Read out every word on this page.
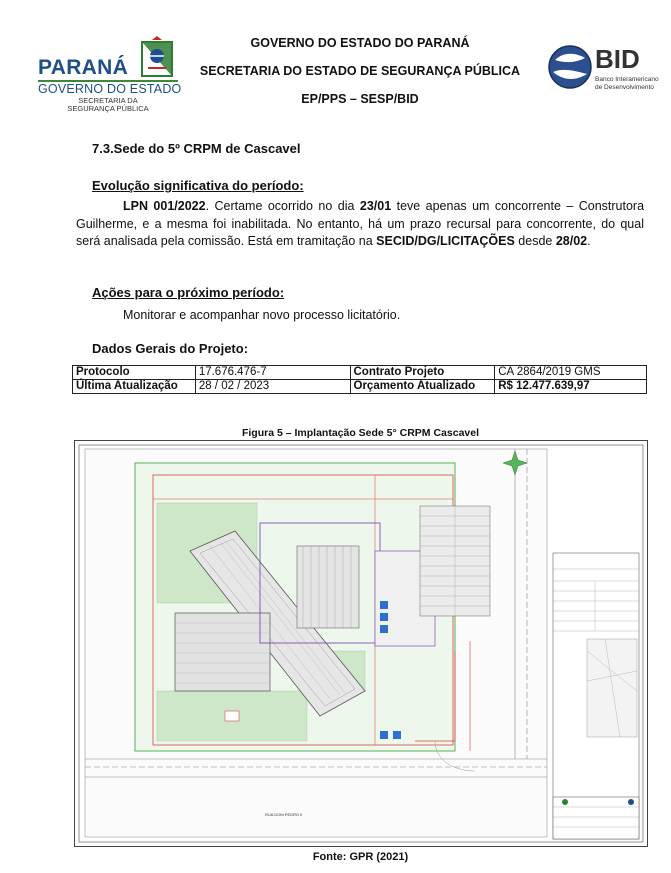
PARANÁ
GOVERNO DO ESTADO
SECRETARIA DA
SEGURANÇA PÚBLICA
GOVERNO DO ESTADO DO PARANÁ
SECRETARIA DO ESTADO DE SEGURANÇA PÚBLICA
EP/PPS – SESP/BID
BID
Banco Interamericano
de Desenvolvimento
7.3.Sede do 5º CRPM de Cascavel
Evolução significativa do período:
LPN 001/2022. Certame ocorrido no dia 23/01 teve apenas um concorrente – Construtora Guilherme, e a mesma foi inabilitada. No entanto, há um prazo recursal para concorrente, do qual será analisada pela comissão. Está em tramitação na SECID/DG/LICITAÇÕES desde 28/02.
Ações para o próximo período:
Monitorar e acompanhar novo processo licitatório.
Dados Gerais do Projeto:
Protocolo	17.676.476-7	Contrato Projeto	CA 2864/2019 GMS
Última Atualização	28 / 02 / 2023	Orçamento Atualizado	R$ 12.477.639,97
Figura 5 – Implantação Sede 5° CRPM Cascavel
RUA DOM PEDRO II
Fonte: GPR (2021)
